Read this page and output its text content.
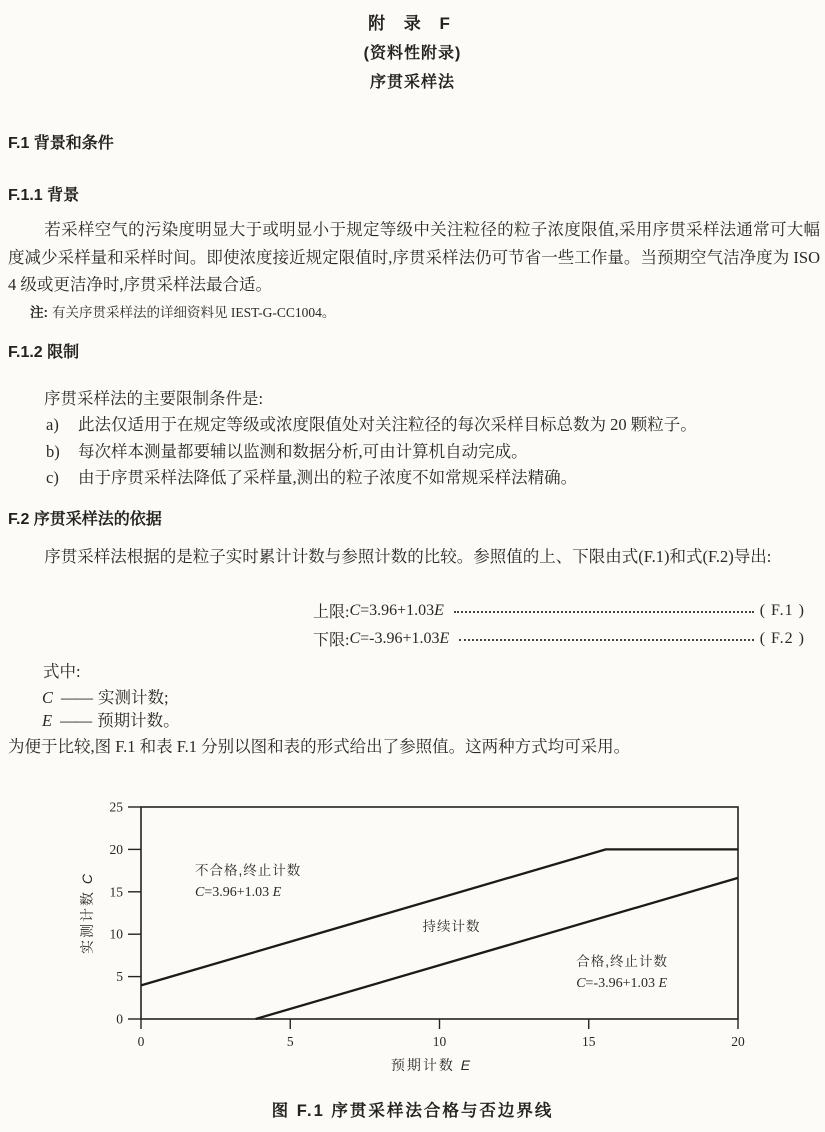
附 录 F
(资料性附录)
序贯采样法
F.1 背景和条件
F.1.1 背景
若采样空气的污染度明显大于或明显小于规定等级中关注粒径的粒子浓度限值,采用序贯采样法通常可大幅度减少采样量和采样时间。即使浓度接近规定限值时,序贯采样法仍可节省一些工作量。当预期空气洁净度为 ISO 4 级或更洁净时,序贯采样法最合适。
注: 有关序贯采样法的详细资料见 IEST-G-CC1004。
F.1.2 限制
序贯采样法的主要限制条件是:
a) 此法仅适用于在规定等级或浓度限值处对关注粒径的每次采样目标总数为 20 颗粒子。
b) 每次样本测量都要辅以监测和数据分析,可由计算机自动完成。
c) 由于序贯采样法降低了采样量,测出的粒子浓度不如常规采样法精确。
F.2 序贯采样法的依据
序贯采样法根据的是粒子实时累计计数与参照计数的比较。参照值的上、下限由式(F.1)和式(F.2)导出:
上限: C =3.96+1.03 E	( F.1 )
下限: C =-3.96+1.03 E	( F.2 )
式中:
C —— 实测计数;
E —— 预期计数。
为便于比较,图 F.1 和表 F.1 分别以图和表的形式给出了参照值。这两种方式均可采用。
0
5
10
15
20
25
0	5	10	15	20
不合格,终止计数
C=3.96+1.03 E
持续计数
合格,终止计数
C=-3.96+1.03 E
预期计数 E
实测计数 C
图 F.1 序贯采样法合格与否边界线
